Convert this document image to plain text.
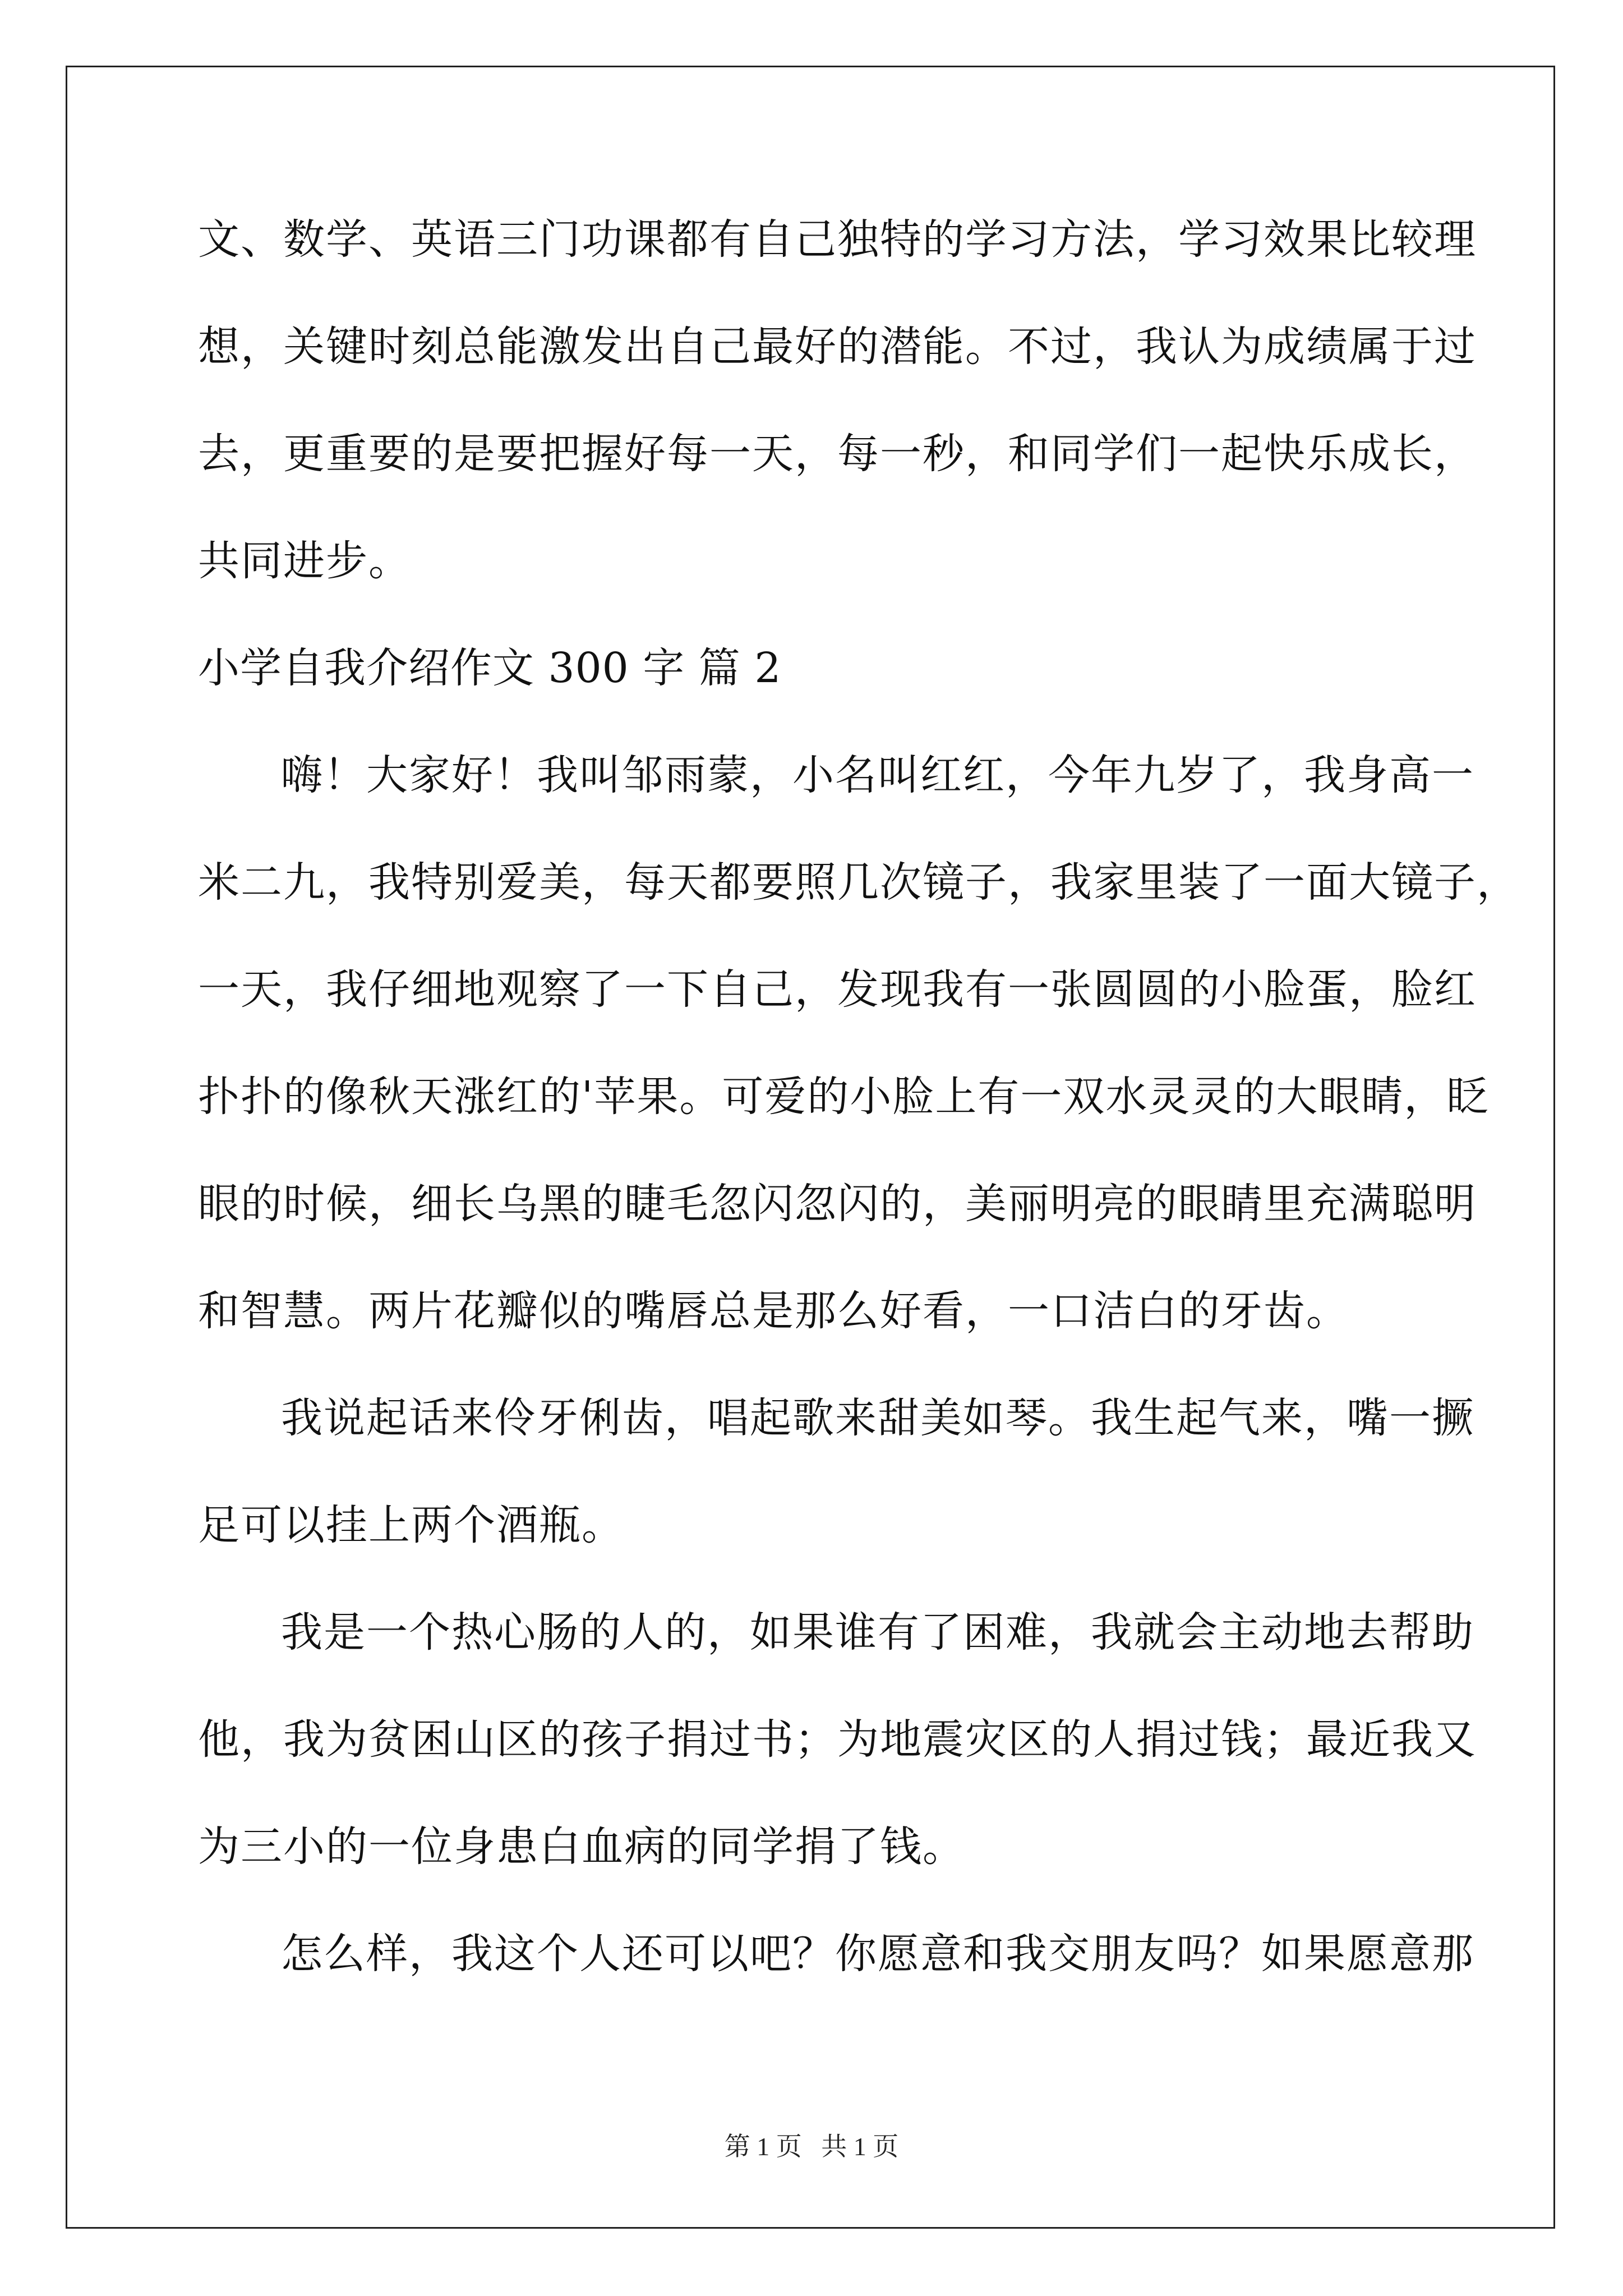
文、数学、英语三门功课都有自己独特的学习方法，学习效果比较理
想，关键时刻总能激发出自己最好的潜能。不过，我认为成绩属于过
去，更重要的是要把握好每一天，每一秒，和同学们一起快乐成长，
共同进步。
小学自我介绍作文 300 字 篇 2
嗨！大家好！我叫邹雨蒙，小名叫红红，今年九岁了，我身高一
米二九，我特别爱美，每天都要照几次镜子，我家里装了一面大镜子，
一天，我仔细地观察了一下自己，发现我有一张圆圆的小脸蛋，脸红
扑扑的像秋天涨红的'苹果。可爱的小脸上有一双水灵灵的大眼睛，眨
眼的时候，细长乌黑的睫毛忽闪忽闪的，美丽明亮的眼睛里充满聪明
和智慧。两片花瓣似的嘴唇总是那么好看，一口洁白的牙齿。
我说起话来伶牙俐齿，唱起歌来甜美如琴。我生起气来，嘴一撅
足可以挂上两个酒瓶。
我是一个热心肠的人的，如果谁有了困难，我就会主动地去帮助
他，我为贫困山区的孩子捐过书；为地震灾区的人捐过钱；最近我又
为三小的一位身患白血病的同学捐了钱。
怎么样，我这个人还可以吧？你愿意和我交朋友吗？如果愿意那
第 1 页 共 1 页
